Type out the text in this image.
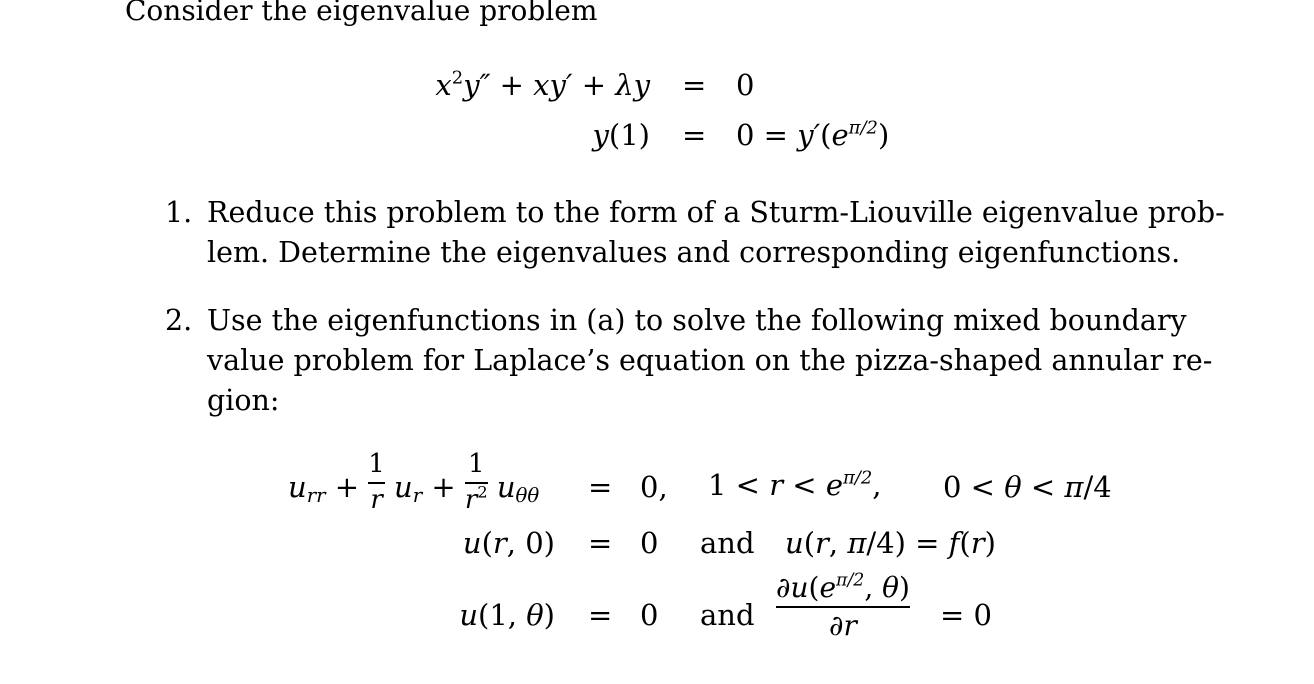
Consider the eigenvalue problem
$x^2y'' + xy' + \lambda y = 0$
$y(1) = 0 = y'(e^{\pi/2})$
1. Reduce this problem to the form of a Sturm-Liouville eigenvalue prob-
lem. Determine the eigenvalues and corresponding eigenfunctions.
2. Use the eigenfunctions in (a) to solve the following mixed boundary
value problem for Laplace’s equation on the pizza-shaped annular re-
gion:
$u_{rr} + \frac{1}{r} u_r + \frac{1}{r^2} u_{\theta\theta} = 0$, $1 < r < e^{\pi/2}$, 0 < θ < π/4
u(r, 0) = 0 and u(r, π/4) = f(r)
u(1, θ) = 0 and
$\partial u(e^{\pi/2}$, θ)
∂r	= 0
